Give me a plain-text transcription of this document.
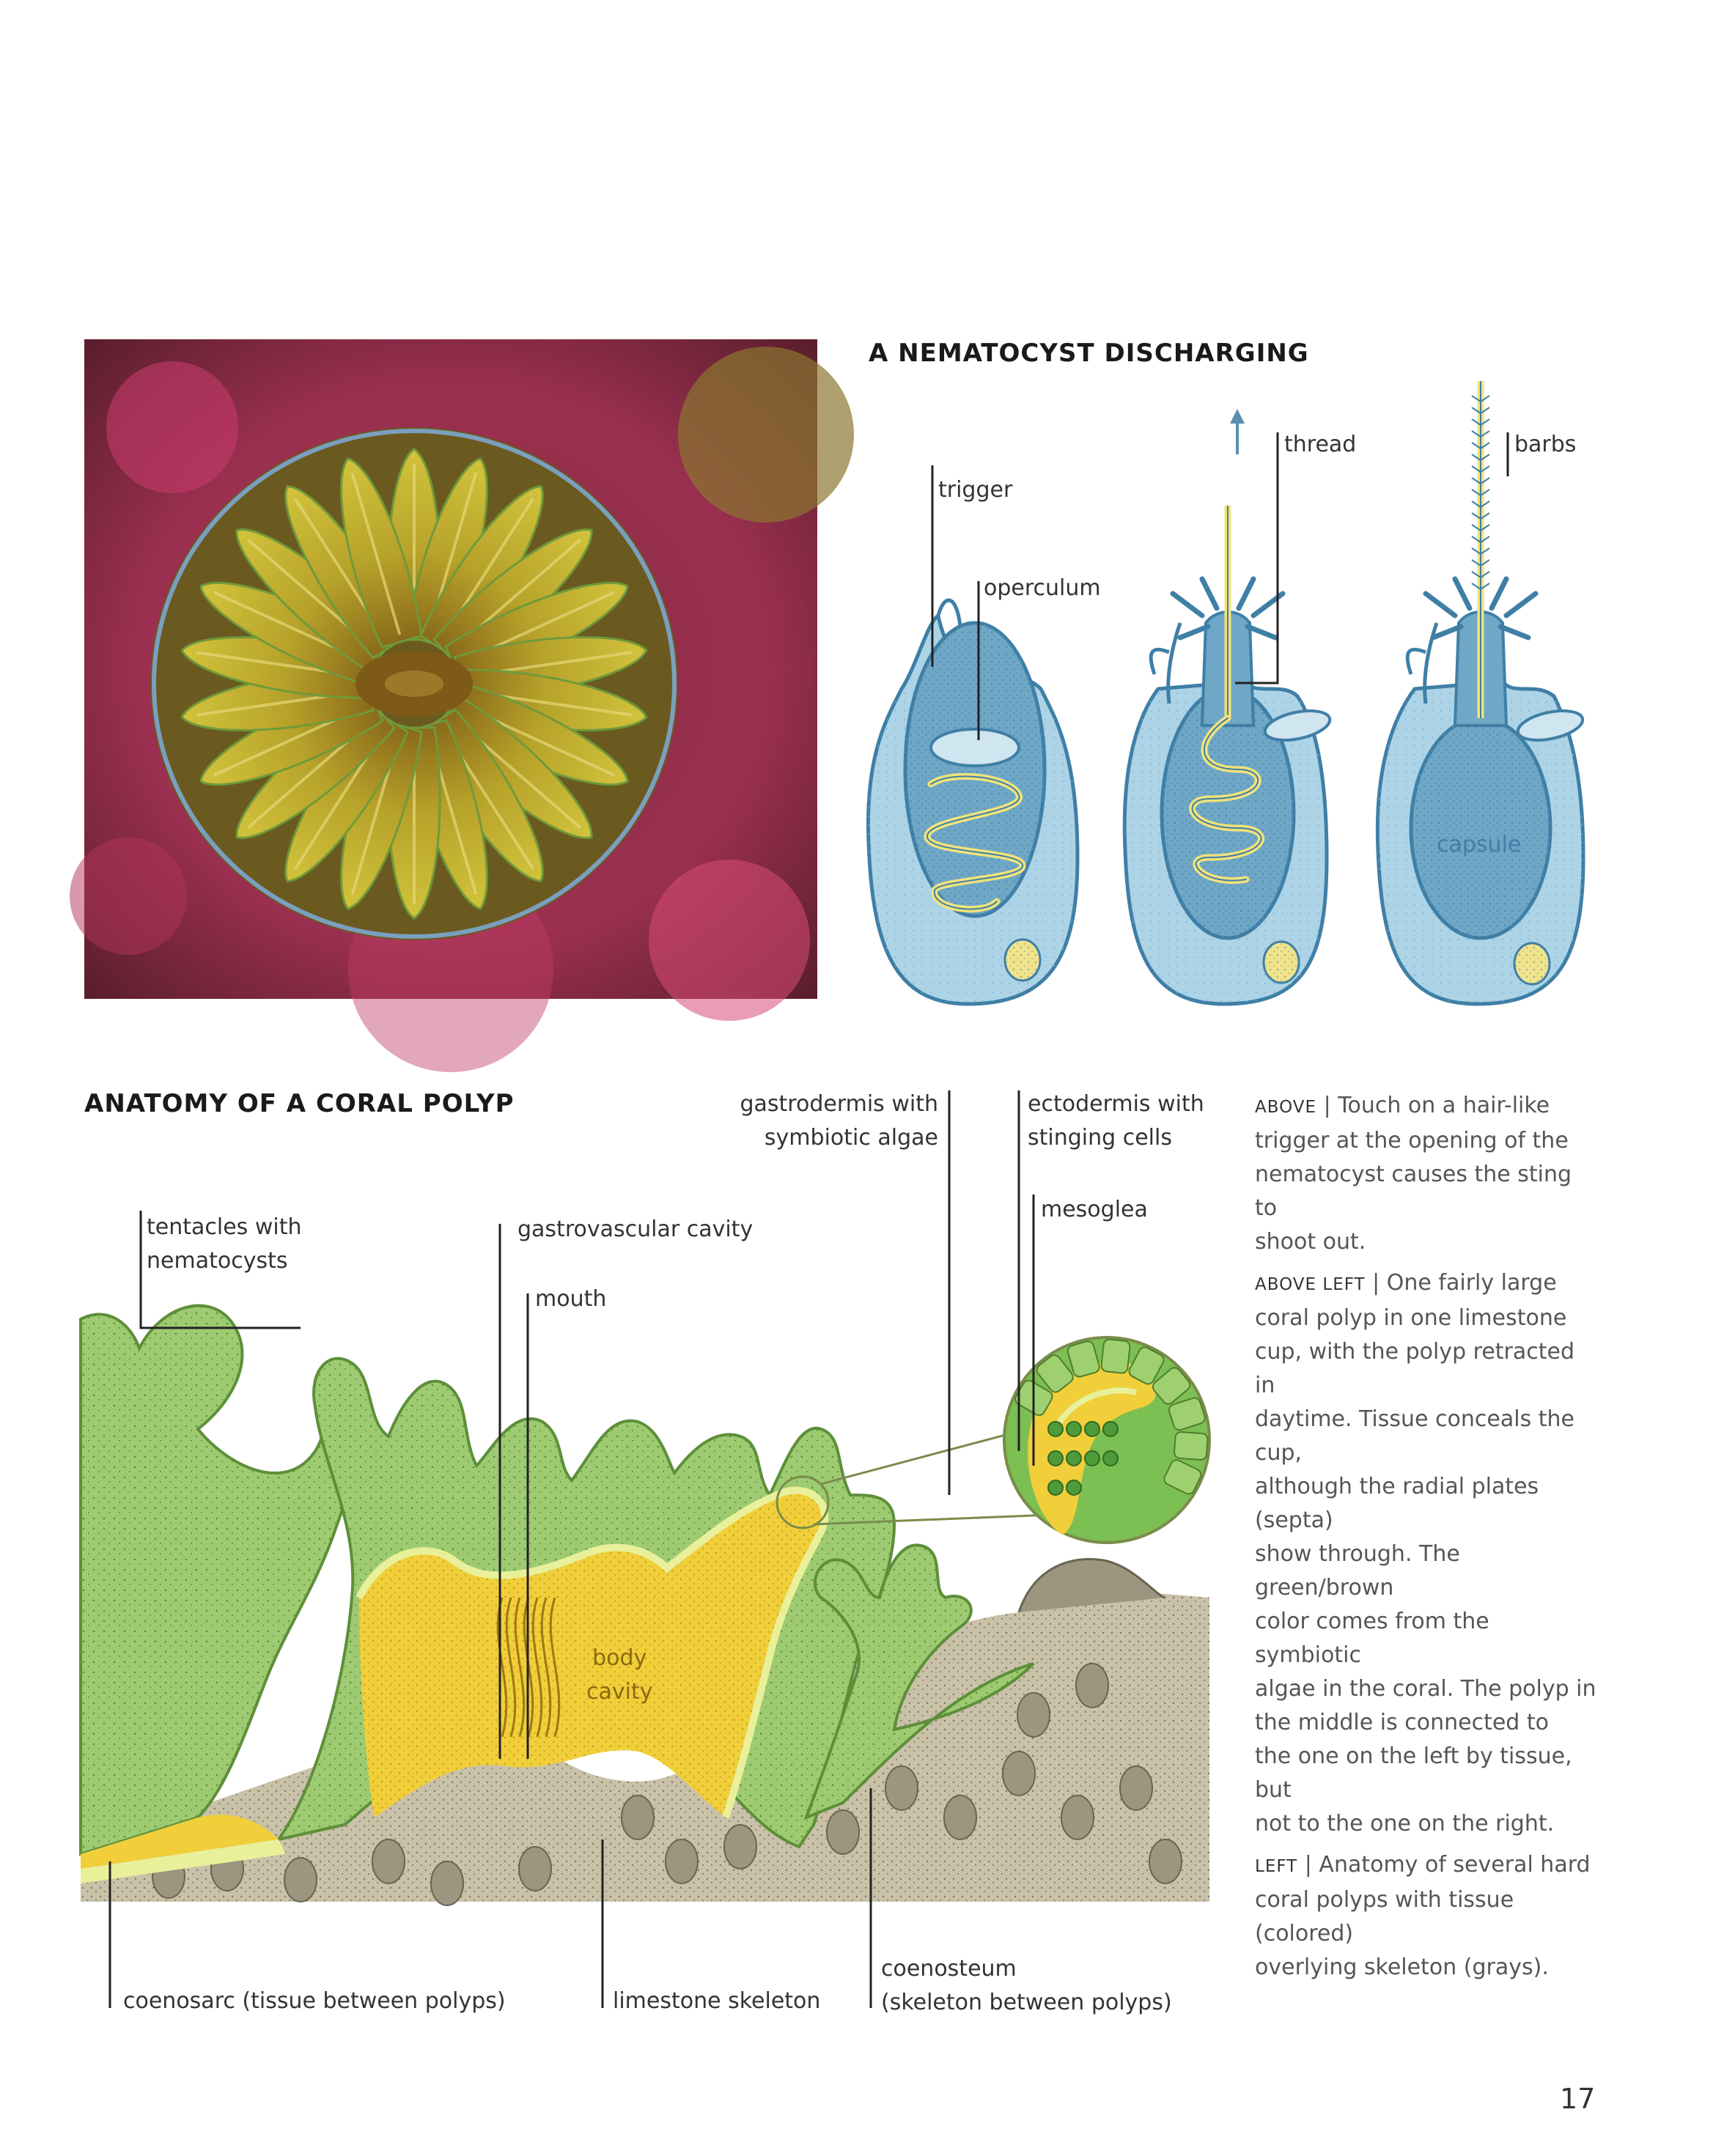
A NEMATOCYST DISCHARGING
trigger
operculum
thread	barbs
capsule
ANATOMY OF A CORAL POLYP
tentacles with
nematocysts
gastrovascular cavity
mouth
gastrodermis with
symbiotic algae
ectodermis with
stinging cells
mesoglea
body
cavity
coenosarc (tissue between polyps)	limestone skeleton
coenosteum
(skeleton between polyps)

ABOVE | Touch on a hair-like
trigger at the opening of the
nematocyst causes the sting to
shoot out.

ABOVE LEFT | One fairly large
coral polyp in one limestone
cup, with the polyp retracted in
daytime. Tissue conceals the cup,
although the radial plates (septa)
show through. The green/brown
color comes from the symbiotic
algae in the coral. The polyp in
the middle is connected to
the one on the left by tissue, but
not to the one on the right.

LEFT | Anatomy of several hard
coral polyps with tissue (colored)
overlying skeleton (grays).

17
